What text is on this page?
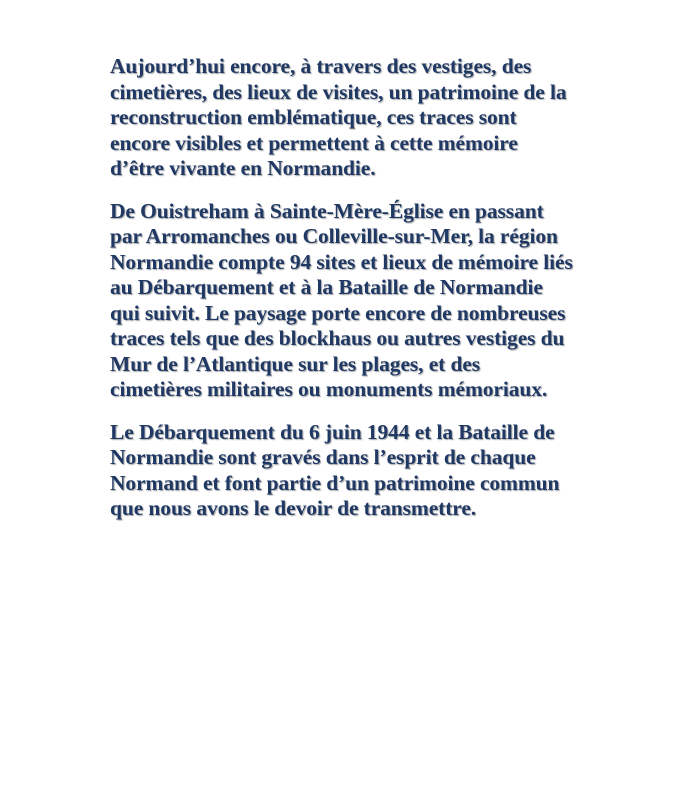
Aujourd’hui encore, à travers des vestiges, des
cimetières, des lieux de visites, un patrimoine de la
reconstruction emblématique, ces traces sont
encore visibles et permettent à cette mémoire
d’être vivante en Normandie.

De Ouistreham à Sainte-Mère-Église en passant
par Arromanches ou Colleville-sur-Mer, la région
Normandie compte 94 sites et lieux de mémoire liés
au Débarquement et à la Bataille de Normandie
qui suivit. Le paysage porte encore de nombreuses
traces tels que des blockhaus ou autres vestiges du
Mur de l’Atlantique sur les plages, et des
cimetières militaires ou monuments mémoriaux.

Le Débarquement du 6 juin 1944 et la Bataille de
Normandie sont gravés dans l’esprit de chaque
Normand et font partie d’un patrimoine commun
que nous avons le devoir de transmettre.
